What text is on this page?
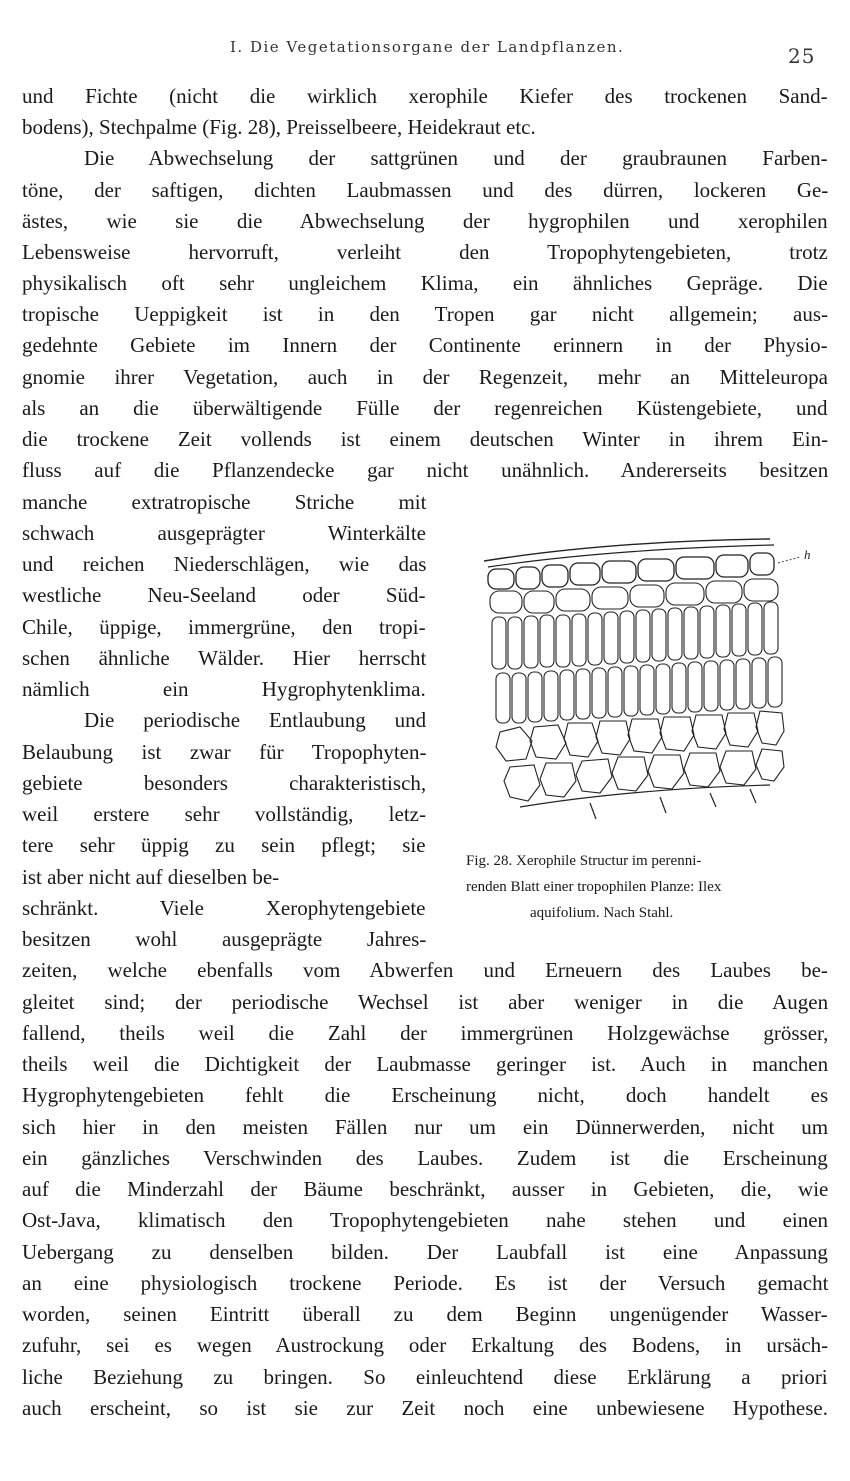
I. Die Vegetationsorgane der Landpflanzen.	25
und Fichte (nicht die wirklich xerophile Kiefer des trockenen Sand-
bodens), Stechpalme (Fig. 28), Preisselbeere, Heidekraut etc.
Die Abwechselung der sattgrünen und der graubraunen Farben-
töne, der saftigen, dichten Laubmassen und des dürren, lockeren Ge-
ästes, wie sie die Abwechselung der hygrophilen und xerophilen
Lebensweise hervorruft, verleiht den Tropophytengebieten, trotz
physikalisch oft sehr ungleichem Klima, ein ähnliches Gepräge. Die
tropische Ueppigkeit ist in den Tropen gar nicht allgemein; aus-
gedehnte Gebiete im Innern der Continente erinnern in der Physio-
gnomie ihrer Vegetation, auch in der Regenzeit, mehr an Mitteleuropa
als an die überwältigende Fülle der regenreichen Küstengebiete, und
die trockene Zeit vollends ist einem deutschen Winter in ihrem Ein-
fluss auf die Pflanzendecke gar nicht unähnlich. Andererseits besitzen
manche extratropische Striche mit
schwach ausgeprägter Winterkälte
und reichen Niederschlägen, wie das
westliche Neu-Seeland oder Süd-
Chile, üppige, immergrüne, den tropi-
schen ähnliche Wälder. Hier herrscht
nämlich ein Hygrophytenklima.
Die periodische Entlaubung und
Belaubung ist zwar für Tropophyten-
gebiete besonders charakteristisch,
weil erstere sehr vollständig, letz-
tere sehr üppig zu sein pflegt; sie
ist aber nicht auf dieselben be-
schränkt. Viele Xerophytengebiete
besitzen wohl ausgeprägte Jahres-
zeiten, welche ebenfalls vom Abwerfen und Erneuern des Laubes be-
gleitet sind; der periodische Wechsel ist aber weniger in die Augen
fallend, theils weil die Zahl der immergrünen Holzgewächse grösser,
theils weil die Dichtigkeit der Laubmasse geringer ist. Auch in manchen
Hygrophytengebieten fehlt die Erscheinung nicht, doch handelt es
sich hier in den meisten Fällen nur um ein Dünnerwerden, nicht um
ein gänzliches Verschwinden des Laubes. Zudem ist die Erscheinung
auf die Minderzahl der Bäume beschränkt, ausser in Gebieten, die, wie
Ost-Java, klimatisch den Tropophytengebieten nahe stehen und einen
Uebergang zu denselben bilden. Der Laubfall ist eine Anpassung
an eine physiologisch trockene Periode. Es ist der Versuch gemacht
worden, seinen Eintritt überall zu dem Beginn ungenügender Wasser-
zufuhr, sei es wegen Austrockung oder Erkaltung des Bodens, in ursäch-
liche Beziehung zu bringen. So einleuchtend diese Erklärung a priori
auch erscheint, so ist sie zur Zeit noch eine unbewiesene Hypothese.
h
Fig. 28. Xerophile Structur im perenni-
renden Blatt einer tropophilen Planze: Ilex
aquifolium. Nach Stahl.
